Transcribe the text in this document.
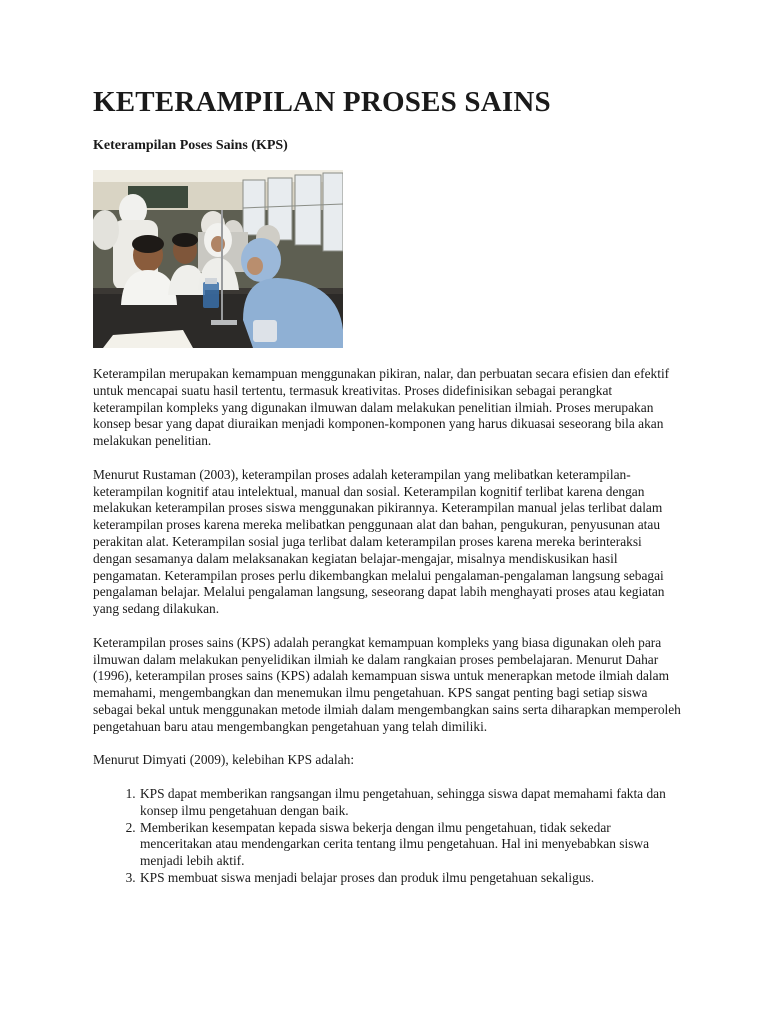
KETERAMPILAN PROSES SAINS
Keterampilan Poses Sains (KPS)

Keterampilan merupakan kemampuan menggunakan pikiran, nalar, dan perbuatan secara efisien dan efektif untuk mencapai suatu hasil tertentu, termasuk kreativitas. Proses didefinisikan sebagai perangkat keterampilan kompleks yang digunakan ilmuwan dalam melakukan penelitian ilmiah. Proses merupakan konsep besar yang dapat diuraikan menjadi komponen-komponen yang harus dikuasai seseorang bila akan melakukan penelitian.

Menurut Rustaman (2003), keterampilan proses adalah keterampilan yang melibatkan keterampilan-keterampilan kognitif atau intelektual, manual dan sosial. Keterampilan kognitif terlibat karena dengan melakukan keterampilan proses siswa menggunakan pikirannya. Keterampilan manual jelas terlibat dalam keterampilan proses karena mereka melibatkan penggunaan alat dan bahan, pengukuran, penyusunan atau perakitan alat. Keterampilan sosial juga terlibat dalam keterampilan proses karena mereka berinteraksi dengan sesamanya dalam melaksanakan kegiatan belajar-mengajar, misalnya mendiskusikan hasil pengamatan. Keterampilan proses perlu dikembangkan melalui pengalaman-pengalaman langsung sebagai pengalaman belajar. Melalui pengalaman langsung, seseorang dapat labih menghayati proses atau kegiatan yang sedang dilakukan.

Keterampilan proses sains (KPS) adalah perangkat kemampuan kompleks yang biasa digunakan oleh para ilmuwan dalam melakukan penyelidikan ilmiah ke dalam rangkaian proses pembelajaran. Menurut Dahar (1996), keterampilan proses sains (KPS) adalah kemampuan siswa untuk menerapkan metode ilmiah dalam memahami, mengembangkan dan menemukan ilmu pengetahuan. KPS sangat penting bagi setiap siswa sebagai bekal untuk menggunakan metode ilmiah dalam mengembangkan sains serta diharapkan memperoleh pengetahuan baru atau mengembangkan pengetahuan yang telah dimiliki.

Menurut Dimyati (2009), kelebihan KPS adalah:

1. KPS dapat memberikan rangsangan ilmu pengetahuan, sehingga siswa dapat memahami fakta dan konsep ilmu pengetahuan dengan baik.
2. Memberikan kesempatan kepada siswa bekerja dengan ilmu pengetahuan, tidak sekedar menceritakan atau mendengarkan cerita tentang ilmu pengetahuan. Hal ini menyebabkan siswa menjadi lebih aktif.
3. KPS membuat siswa menjadi belajar proses dan produk ilmu pengetahuan sekaligus.
